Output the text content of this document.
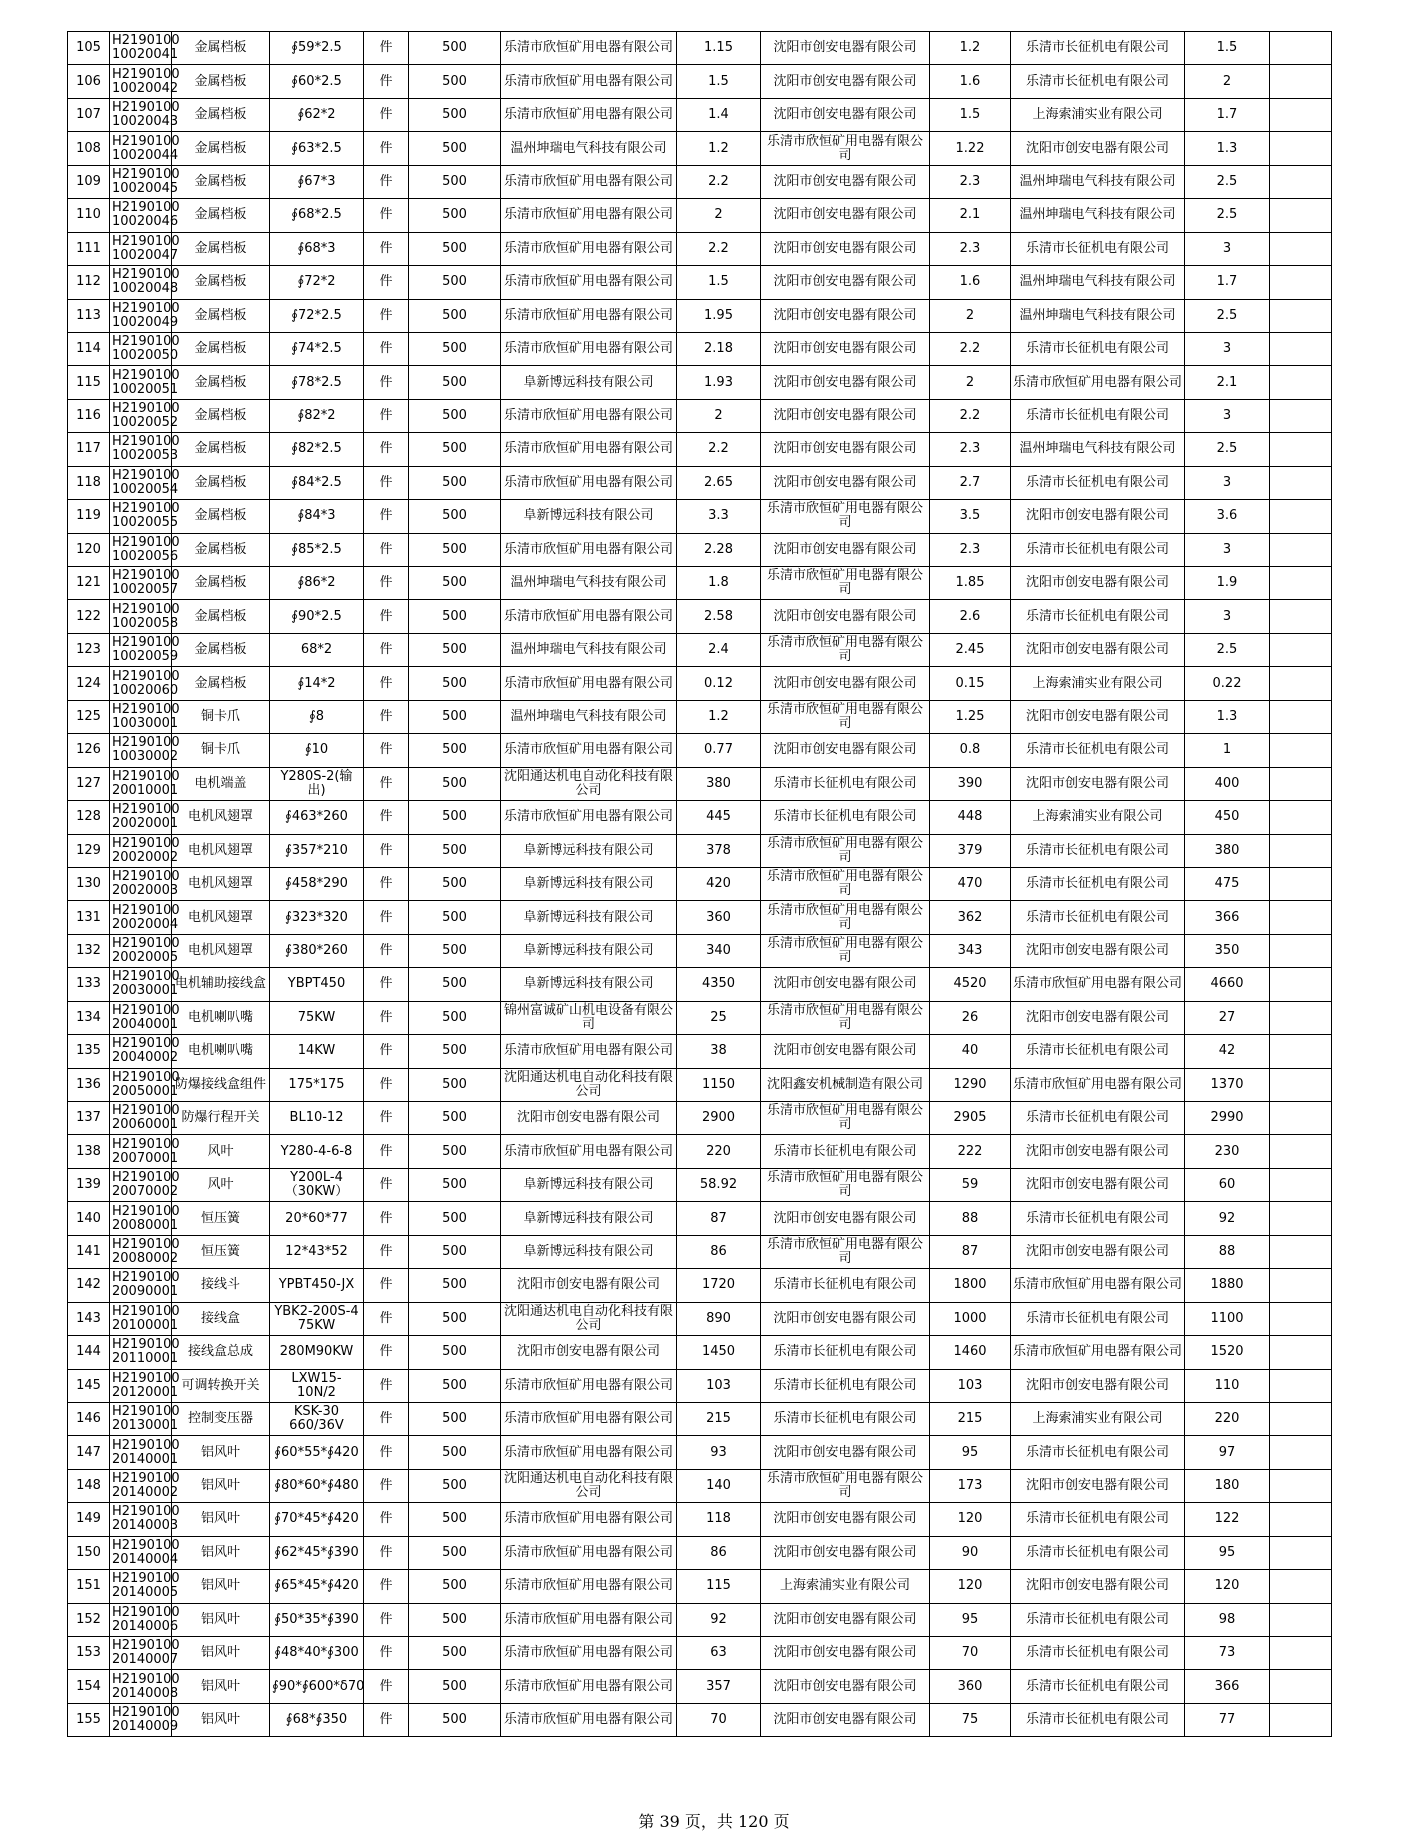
105	H2190100 10020041	金属档板	∮59*2.5	件	500	乐清市欣恒矿用电器有限公司	1.15	沈阳市创安电器有限公司	1.2	乐清市长征机电有限公司	1.5	
106	H2190100 10020042	金属档板	∮60*2.5	件	500	乐清市欣恒矿用电器有限公司	1.5	沈阳市创安电器有限公司	1.6	乐清市长征机电有限公司	2	
107	H2190100 10020043	金属档板	∮62*2	件	500	乐清市欣恒矿用电器有限公司	1.4	沈阳市创安电器有限公司	1.5	上海索浦实业有限公司	1.7	
108	H2190100 10020044	金属档板	∮63*2.5	件	500	温州坤瑞电气科技有限公司	1.2	乐清市欣恒矿用电器有限公司	1.22	沈阳市创安电器有限公司	1.3	
109	H2190100 10020045	金属档板	∮67*3	件	500	乐清市欣恒矿用电器有限公司	2.2	沈阳市创安电器有限公司	2.3	温州坤瑞电气科技有限公司	2.5	
110	H2190100 10020046	金属档板	∮68*2.5	件	500	乐清市欣恒矿用电器有限公司	2	沈阳市创安电器有限公司	2.1	温州坤瑞电气科技有限公司	2.5	
111	H2190100 10020047	金属档板	∮68*3	件	500	乐清市欣恒矿用电器有限公司	2.2	沈阳市创安电器有限公司	2.3	乐清市长征机电有限公司	3	
112	H2190100 10020048	金属档板	∮72*2	件	500	乐清市欣恒矿用电器有限公司	1.5	沈阳市创安电器有限公司	1.6	温州坤瑞电气科技有限公司	1.7	
113	H2190100 10020049	金属档板	∮72*2.5	件	500	乐清市欣恒矿用电器有限公司	1.95	沈阳市创安电器有限公司	2	温州坤瑞电气科技有限公司	2.5	
114	H2190100 10020050	金属档板	∮74*2.5	件	500	乐清市欣恒矿用电器有限公司	2.18	沈阳市创安电器有限公司	2.2	乐清市长征机电有限公司	3	
115	H2190100 10020051	金属档板	∮78*2.5	件	500	阜新博远科技有限公司	1.93	沈阳市创安电器有限公司	2	乐清市欣恒矿用电器有限公司	2.1	
116	H2190100 10020052	金属档板	∮82*2	件	500	乐清市欣恒矿用电器有限公司	2	沈阳市创安电器有限公司	2.2	乐清市长征机电有限公司	3	
117	H2190100 10020053	金属档板	∮82*2.5	件	500	乐清市欣恒矿用电器有限公司	2.2	沈阳市创安电器有限公司	2.3	温州坤瑞电气科技有限公司	2.5	
118	H2190100 10020054	金属档板	∮84*2.5	件	500	乐清市欣恒矿用电器有限公司	2.65	沈阳市创安电器有限公司	2.7	乐清市长征机电有限公司	3	
119	H2190100 10020055	金属档板	∮84*3	件	500	阜新博远科技有限公司	3.3	乐清市欣恒矿用电器有限公司	3.5	沈阳市创安电器有限公司	3.6	
120	H2190100 10020056	金属档板	∮85*2.5	件	500	乐清市欣恒矿用电器有限公司	2.28	沈阳市创安电器有限公司	2.3	乐清市长征机电有限公司	3	
121	H2190100 10020057	金属档板	∮86*2	件	500	温州坤瑞电气科技有限公司	1.8	乐清市欣恒矿用电器有限公司	1.85	沈阳市创安电器有限公司	1.9	
122	H2190100 10020058	金属档板	∮90*2.5	件	500	乐清市欣恒矿用电器有限公司	2.58	沈阳市创安电器有限公司	2.6	乐清市长征机电有限公司	3	
123	H2190100 10020059	金属档板	68*2	件	500	温州坤瑞电气科技有限公司	2.4	乐清市欣恒矿用电器有限公司	2.45	沈阳市创安电器有限公司	2.5	
124	H2190100 10020060	金属档板	∮14*2	件	500	乐清市欣恒矿用电器有限公司	0.12	沈阳市创安电器有限公司	0.15	上海索浦实业有限公司	0.22	
125	H2190100 10030001	铜卡爪	∮8	件	500	温州坤瑞电气科技有限公司	1.2	乐清市欣恒矿用电器有限公司	1.25	沈阳市创安电器有限公司	1.3	
126	H2190100 10030002	铜卡爪	∮10	件	500	乐清市欣恒矿用电器有限公司	0.77	沈阳市创安电器有限公司	0.8	乐清市长征机电有限公司	1	
127	H2190100 20010001	电机端盖	Y280S-2(输出)	件	500	沈阳通达机电自动化科技有限公司	380	乐清市长征机电有限公司	390	沈阳市创安电器有限公司	400	
128	H2190100 20020001	电机风翅罩	∮463*260	件	500	乐清市欣恒矿用电器有限公司	445	乐清市长征机电有限公司	448	上海索浦实业有限公司	450	
129	H2190100 20020002	电机风翅罩	∮357*210	件	500	阜新博远科技有限公司	378	乐清市欣恒矿用电器有限公司	379	乐清市长征机电有限公司	380	
130	H2190100 20020003	电机风翅罩	∮458*290	件	500	阜新博远科技有限公司	420	乐清市欣恒矿用电器有限公司	470	乐清市长征机电有限公司	475	
131	H2190100 20020004	电机风翅罩	∮323*320	件	500	阜新博远科技有限公司	360	乐清市欣恒矿用电器有限公司	362	乐清市长征机电有限公司	366	
132	H2190100 20020005	电机风翅罩	∮380*260	件	500	阜新博远科技有限公司	340	乐清市欣恒矿用电器有限公司	343	沈阳市创安电器有限公司	350	
133	H2190100 20030001	电机辅助接线盒	YBPT450	件	500	阜新博远科技有限公司	4350	沈阳市创安电器有限公司	4520	乐清市欣恒矿用电器有限公司	4660	
134	H2190100 20040001	电机喇叭嘴	75KW	件	500	锦州富诚矿山机电设备有限公司	25	乐清市欣恒矿用电器有限公司	26	沈阳市创安电器有限公司	27	
135	H2190100 20040002	电机喇叭嘴	14KW	件	500	乐清市欣恒矿用电器有限公司	38	沈阳市创安电器有限公司	40	乐清市长征机电有限公司	42	
136	H2190100 20050001	防爆接线盒组件	175*175	件	500	沈阳通达机电自动化科技有限公司	1150	沈阳鑫安机械制造有限公司	1290	乐清市欣恒矿用电器有限公司	1370	
137	H2190100 20060001	防爆行程开关	BL10-12	件	500	沈阳市创安电器有限公司	2900	乐清市欣恒矿用电器有限公司	2905	乐清市长征机电有限公司	2990	
138	H2190100 20070001	风叶	Y280-4-6-8	件	500	乐清市欣恒矿用电器有限公司	220	乐清市长征机电有限公司	222	沈阳市创安电器有限公司	230	
139	H2190100 20070002	风叶	Y200L-4 （30KW）	件	500	阜新博远科技有限公司	58.92	乐清市欣恒矿用电器有限公司	59	沈阳市创安电器有限公司	60	
140	H2190100 20080001	恒压簧	20*60*77	件	500	阜新博远科技有限公司	87	沈阳市创安电器有限公司	88	乐清市长征机电有限公司	92	
141	H2190100 20080002	恒压簧	12*43*52	件	500	阜新博远科技有限公司	86	乐清市欣恒矿用电器有限公司	87	沈阳市创安电器有限公司	88	
142	H2190100 20090001	接线斗	YPBT450-JX	件	500	沈阳市创安电器有限公司	1720	乐清市长征机电有限公司	1800	乐清市欣恒矿用电器有限公司	1880	
143	H2190100 20100001	接线盒	YBK2-200S-4 75KW	件	500	沈阳通达机电自动化科技有限公司	890	沈阳市创安电器有限公司	1000	乐清市长征机电有限公司	1100	
144	H2190100 20110001	接线盒总成	280M90KW	件	500	沈阳市创安电器有限公司	1450	乐清市长征机电有限公司	1460	乐清市欣恒矿用电器有限公司	1520	
145	H2190100 20120001	可调转换开关	LXW15-10N/2	件	500	乐清市欣恒矿用电器有限公司	103	乐清市长征机电有限公司	103	沈阳市创安电器有限公司	110	
146	H2190100 20130001	控制变压器	KSK-30 660/36V	件	500	乐清市欣恒矿用电器有限公司	215	乐清市长征机电有限公司	215	上海索浦实业有限公司	220	
147	H2190100 20140001	铝风叶	∮60*55*∮420	件	500	乐清市欣恒矿用电器有限公司	93	沈阳市创安电器有限公司	95	乐清市长征机电有限公司	97	
148	H2190100 20140002	铝风叶	∮80*60*∮480	件	500	沈阳通达机电自动化科技有限公司	140	乐清市欣恒矿用电器有限公司	173	沈阳市创安电器有限公司	180	
149	H2190100 20140003	铝风叶	∮70*45*∮420	件	500	乐清市欣恒矿用电器有限公司	118	沈阳市创安电器有限公司	120	乐清市长征机电有限公司	122	
150	H2190100 20140004	铝风叶	∮62*45*∮390	件	500	乐清市欣恒矿用电器有限公司	86	沈阳市创安电器有限公司	90	乐清市长征机电有限公司	95	
151	H2190100 20140005	铝风叶	∮65*45*∮420	件	500	乐清市欣恒矿用电器有限公司	115	上海索浦实业有限公司	120	沈阳市创安电器有限公司	120	
152	H2190100 20140006	铝风叶	∮50*35*∮390	件	500	乐清市欣恒矿用电器有限公司	92	沈阳市创安电器有限公司	95	乐清市长征机电有限公司	98	
153	H2190100 20140007	铝风叶	∮48*40*∮300	件	500	乐清市欣恒矿用电器有限公司	63	沈阳市创安电器有限公司	70	乐清市长征机电有限公司	73	
154	H2190100 20140008	铝风叶	∮90*∮600*δ70	件	500	乐清市欣恒矿用电器有限公司	357	沈阳市创安电器有限公司	360	乐清市长征机电有限公司	366	
155	H2190100 20140009	铝风叶	∮68*∮350	件	500	乐清市欣恒矿用电器有限公司	70	沈阳市创安电器有限公司	75	乐清市长征机电有限公司	77	
第 39 页，共 120 页
